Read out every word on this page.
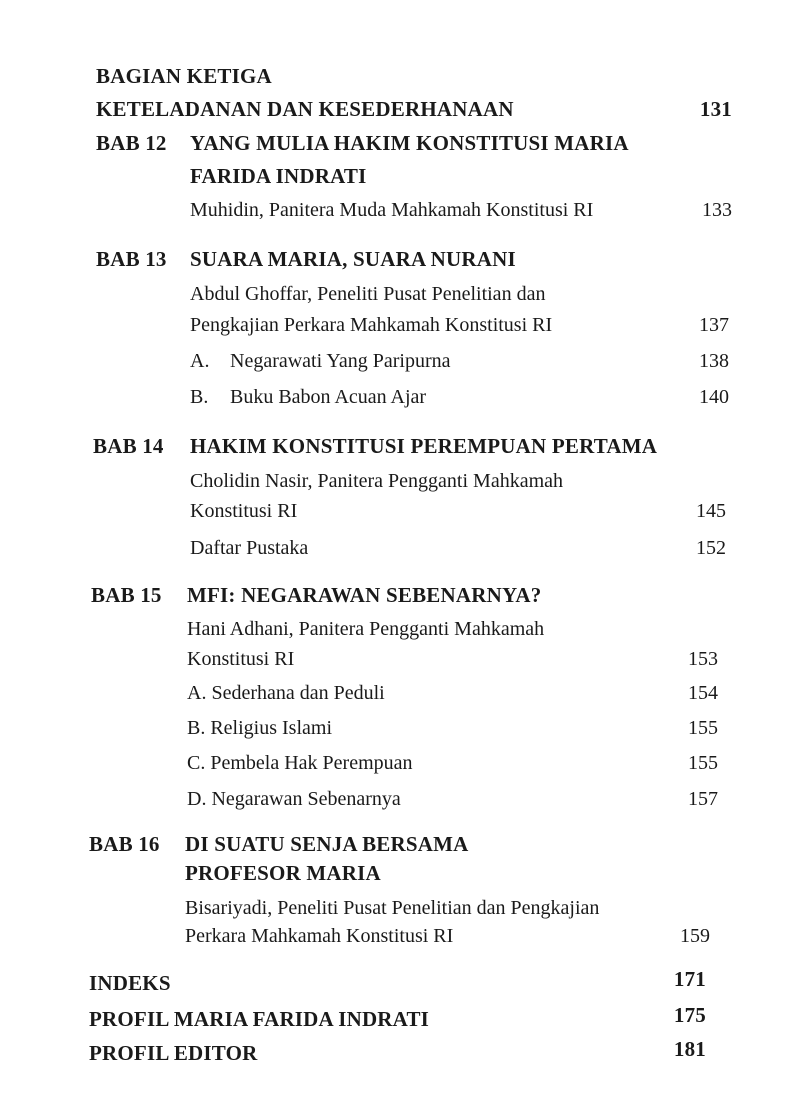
BAGIAN KETIGA
KETELADANAN DAN KESEDERHANAAN	131
BAB 12 YANG MULIA HAKIM KONSTITUSI MARIA
FARIDA INDRATI
Muhidin, Panitera Muda Mahkamah Konstitusi RI	133
BAB 13 SUARA MARIA, SUARA NURANI
Abdul Ghoffar, Peneliti Pusat Penelitian dan
Pengkajian Perkara Mahkamah Konstitusi RI	137
A. Negarawati Yang Paripurna	138
B. Buku Babon Acuan Ajar	140
BAB 14 HAKIM KONSTITUSI PEREMPUAN PERTAMA
Cholidin Nasir, Panitera Pengganti Mahkamah
Konstitusi RI	145
Daftar Pustaka	152
BAB 15 MFI: NEGARAWAN SEBENARNYA?
Hani Adhani, Panitera Pengganti Mahkamah
Konstitusi RI	153
A. Sederhana dan Peduli	154
B. Religius Islami	155
C. Pembela Hak Perempuan	155
D. Negarawan Sebenarnya	157
BAB 16 DI SUATU SENJA BERSAMA
PROFESOR MARIA
Bisariyadi, Peneliti Pusat Penelitian dan Pengkajian
Perkara Mahkamah Konstitusi RI	159
INDEKS	171
PROFIL MARIA FARIDA INDRATI	175
PROFIL EDITOR	181
